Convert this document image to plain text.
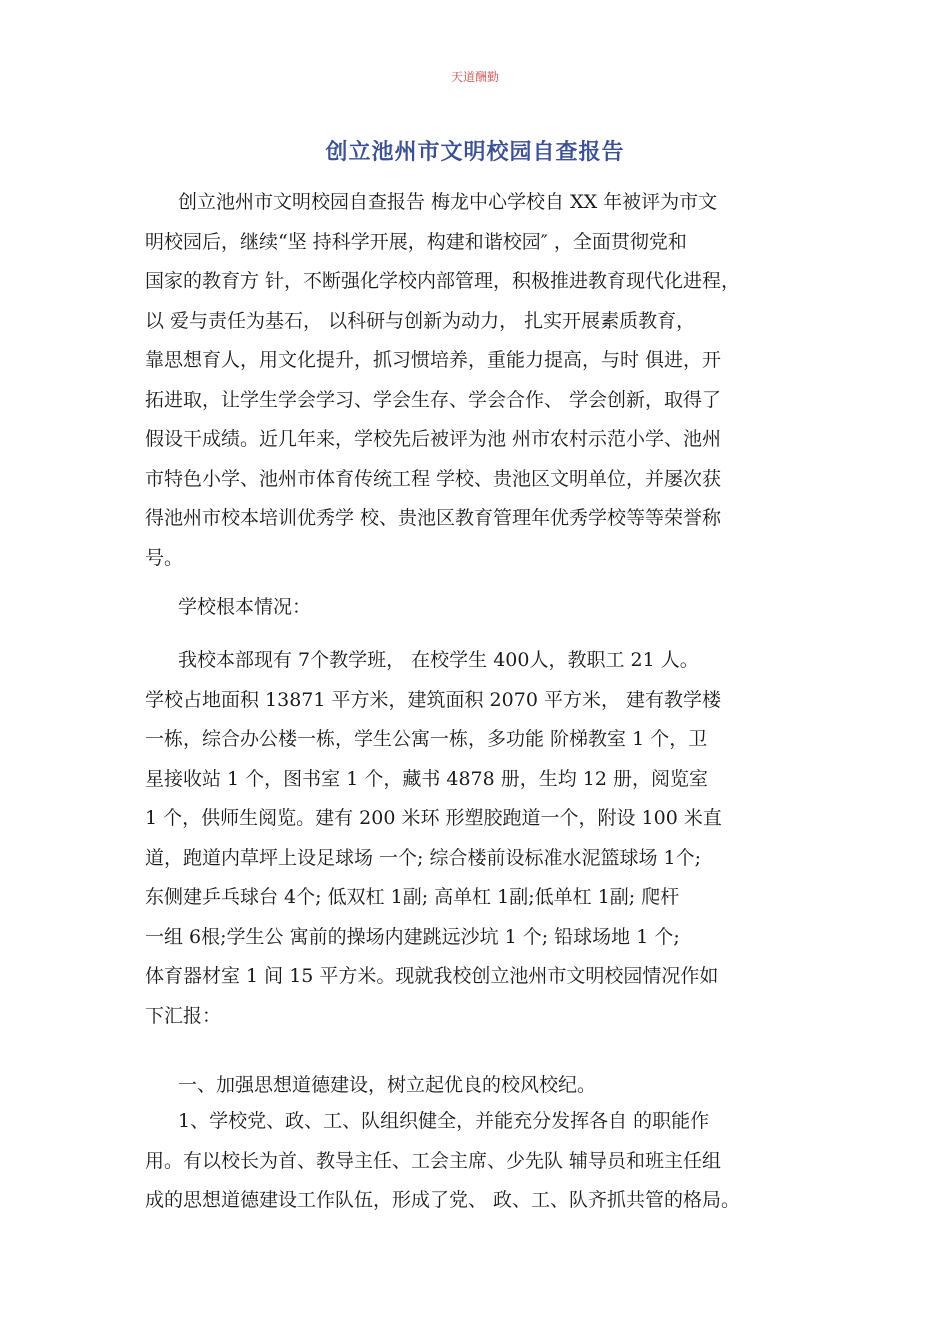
天道酬勤
创立池州市文明校园自查报告
创立池州市文明校园自查报告 梅龙中心学校自 XX 年被评为市文
明校园后，继续“坚 持科学开展，构建和谐校园″ ，全面贯彻党和
国家的教育方 针，不断强化学校内部管理，积极推进教育现代化进程，
以 爱与责任为基石， 以科研与创新为动力， 扎实开展素质教育，
靠思想育人，用文化提升，抓习惯培养，重能力提高，与时 俱进，开
拓进取，让学生学会学习、学会生存、学会合作、 学会创新，取得了
假设干成绩。近几年来，学校先后被评为池 州市农村示范小学、池州
市特色小学、池州市体育传统工程 学校、贵池区文明单位，并屡次获
得池州市校本培训优秀学 校、贵池区教育管理年优秀学校等等荣誉称
号。
学校根本情况：
我校本部现有 7个教学班， 在校学生 400人，教职工 21 人。
学校占地面积 13871 平方米，建筑面积 2070 平方米， 建有教学楼
一栋，综合办公楼一栋，学生公寓一栋，多功能 阶梯教室 1 个，卫
星接收站 1 个，图书室 1 个，藏书 4878 册，生均 12 册，阅览室
1 个，供师生阅览。建有 200 米环 形塑胶跑道一个，附设 100 米直
道，跑道内草坪上设足球场 一个; 综合楼前设标准水泥篮球场 1个;
东侧建乒乓球台 4个; 低双杠 1副; 高单杠 1副;低单杠 1副; 爬杆
一组 6根;学生公 寓前的操场内建跳远沙坑 1 个; 铅球场地 1 个;
体育器材室 1 间 15 平方米。现就我校创立池州市文明校园情况作如
下汇报：
一、加强思想道德建设，树立起优良的校风校纪。
1、学校党、政、工、队组织健全，并能充分发挥各自 的职能作
用。有以校长为首、教导主任、工会主席、少先队 辅导员和班主任组
成的思想道德建设工作队伍，形成了党、 政、工、队齐抓共管的格局。
